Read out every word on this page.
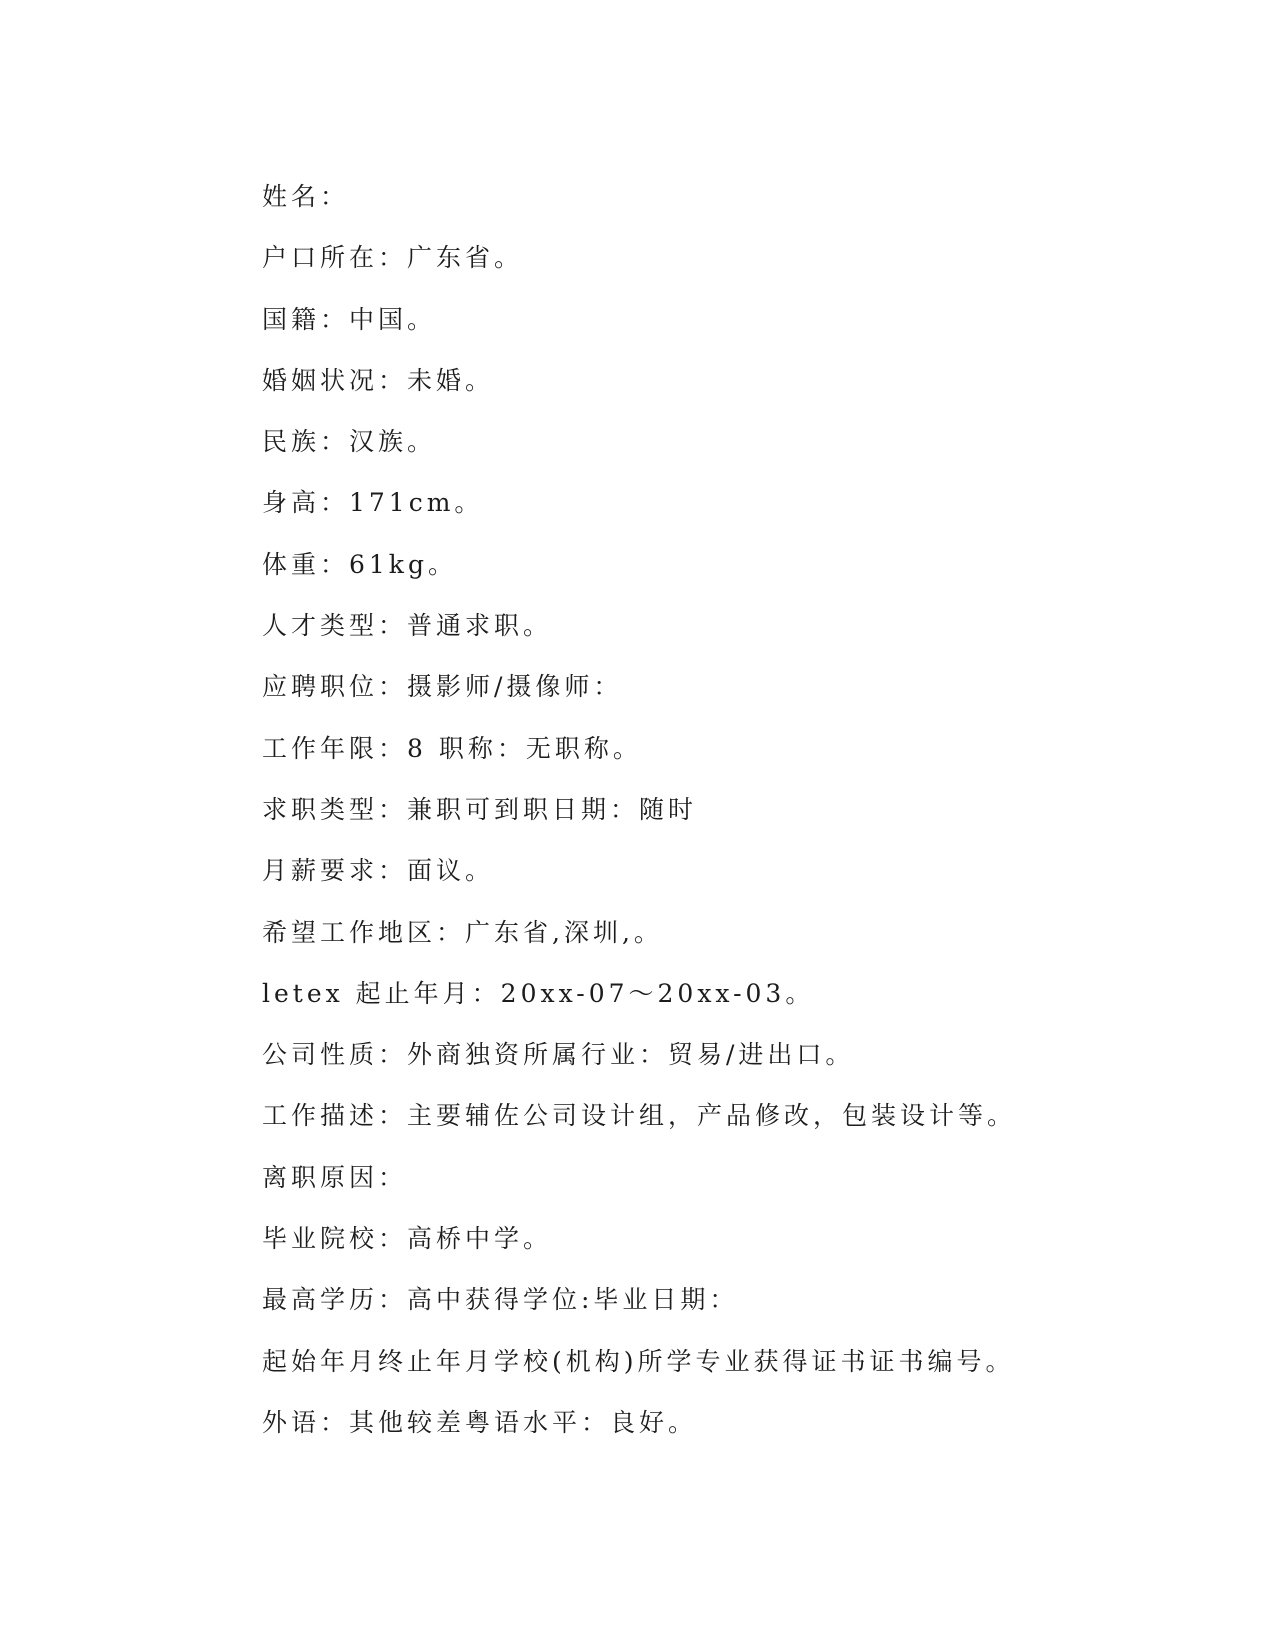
姓名：
户口所在：广东省。
国籍：中国。
婚姻状况：未婚。
民族：汉族。
身高：171cm。
体重：61kg。
人才类型：普通求职。
应聘职位：摄影师/摄像师：
工作年限：8 职称：无职称。
求职类型：兼职可到职日期：随时
月薪要求：面议。
希望工作地区：广东省,深圳,。
letex 起止年月：20xx-07～20xx-03。
公司性质：外商独资所属行业：贸易/进出口。
工作描述：主要辅佐公司设计组，产品修改，包装设计等。
离职原因：
毕业院校：高桥中学。
最高学历：高中获得学位:毕业日期：
起始年月终止年月学校(机构)所学专业获得证书证书编号。
外语：其他较差粤语水平：良好。
